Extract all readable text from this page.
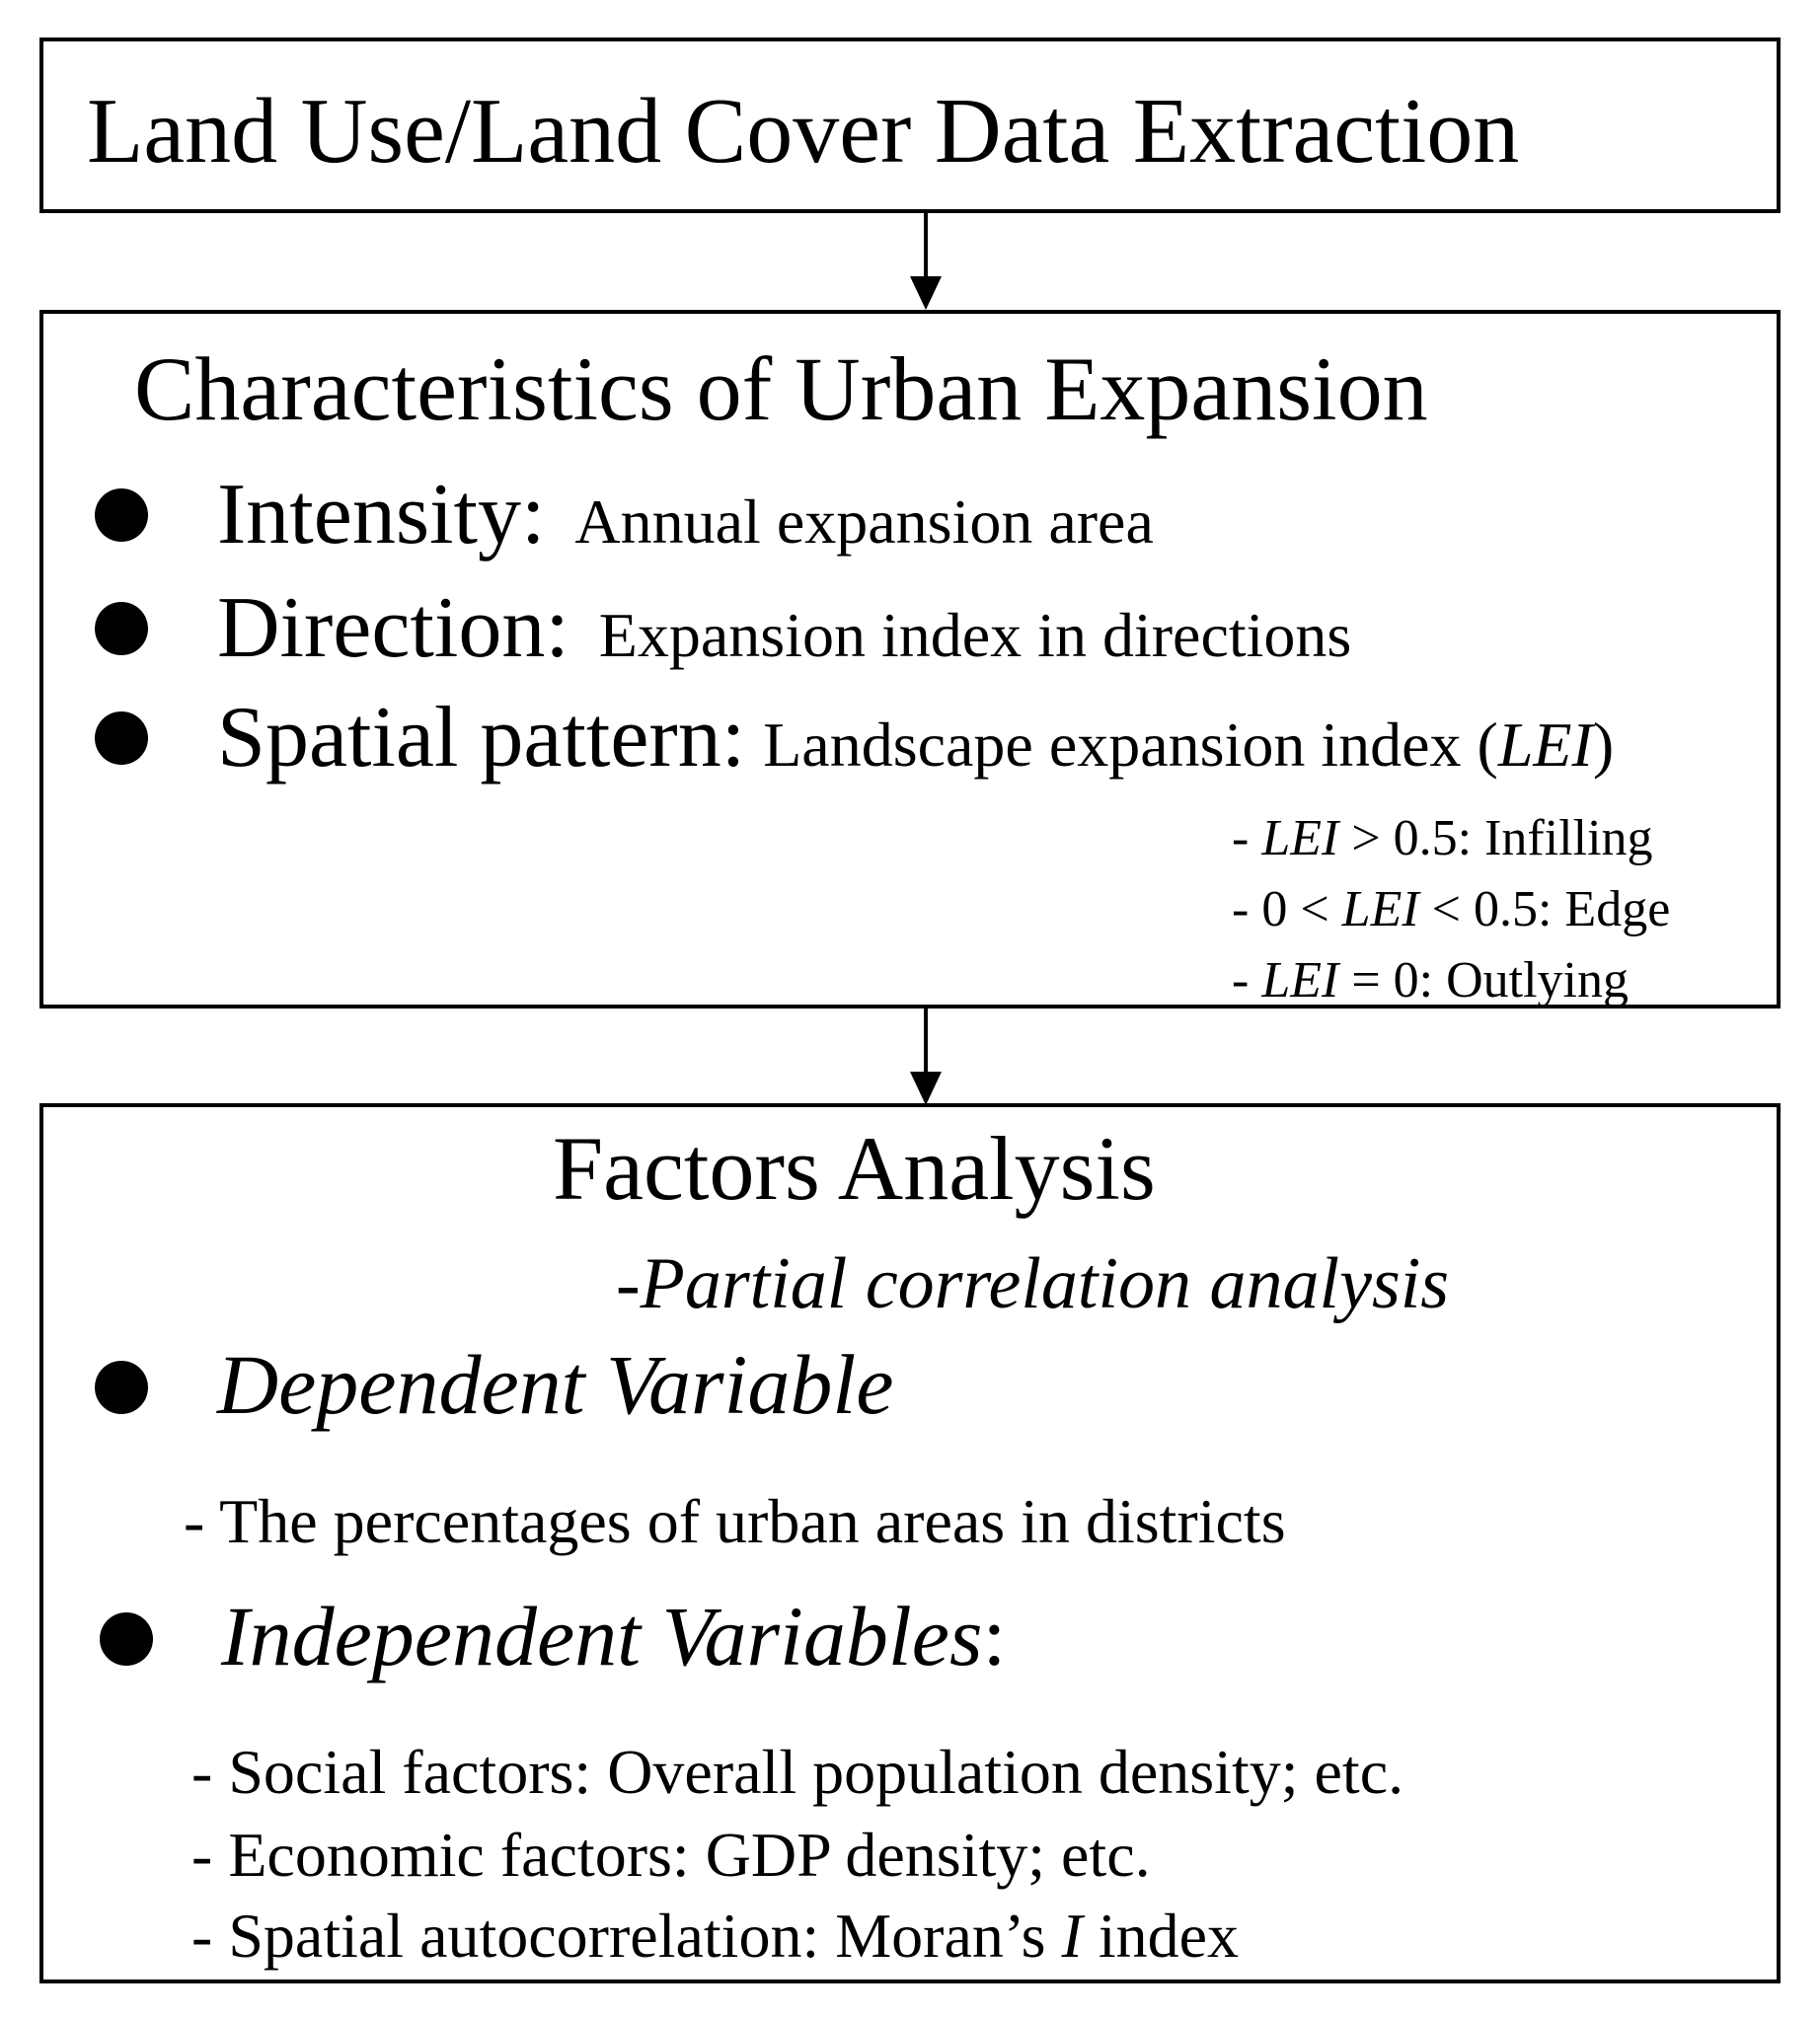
Land Use/Land Cover Data Extraction
Characteristics of Urban Expansion
Intensity: Annual expansion area
Direction: Expansion index in directions
Spatial pattern: Landscape expansion index (LEI)
- LEI > 0.5: Infilling
- 0 < LEI < 0.5: Edge
- LEI = 0: Outlying
Factors Analysis
-Partial correlation analysis
Dependent Variable
- The percentages of urban areas in districts
Independent Variables:
- Social factors: Overall population density; etc.
- Economic factors: GDP density; etc.
- Spatial autocorrelation: Moran’s I index
